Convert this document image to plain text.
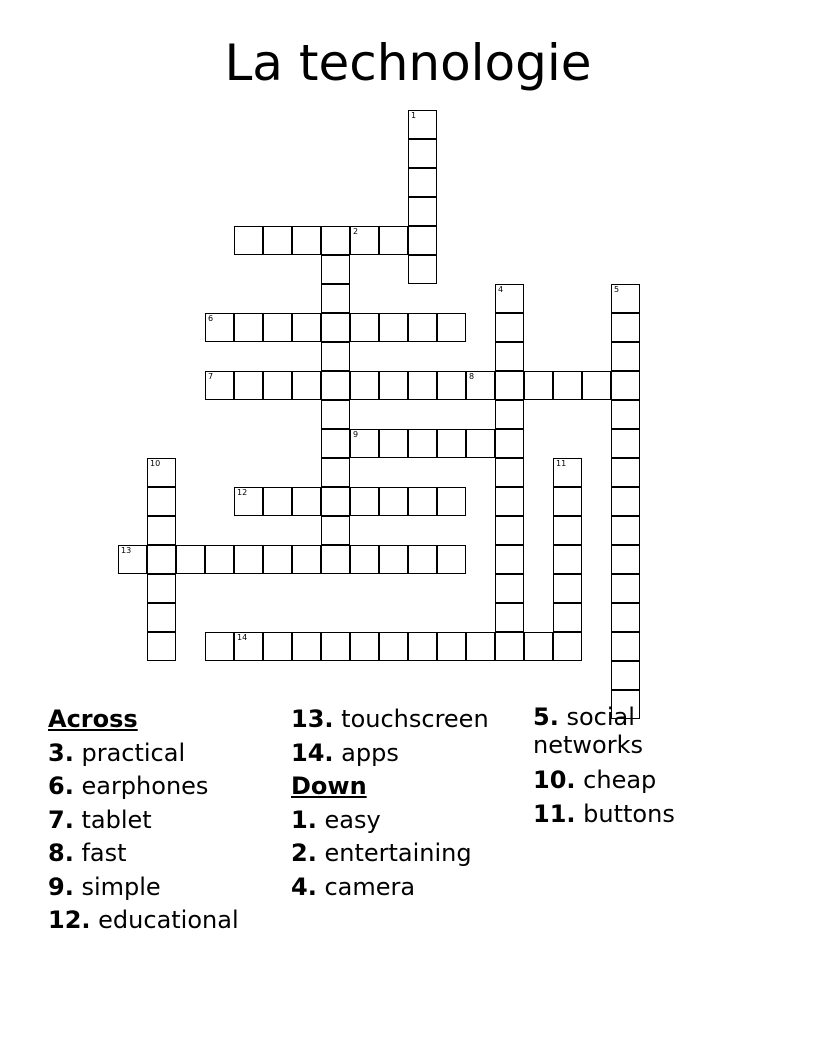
La technologie
1
2
6
7	8
9
12
13
4	5
10	11
14
Across
3. practical
6. earphones
7. tablet
8. fast
9. simple
12. educational
13. touchscreen
14. apps
Down
1. easy
2. entertaining
4. camera
5. social networks
10. cheap
11. buttons
